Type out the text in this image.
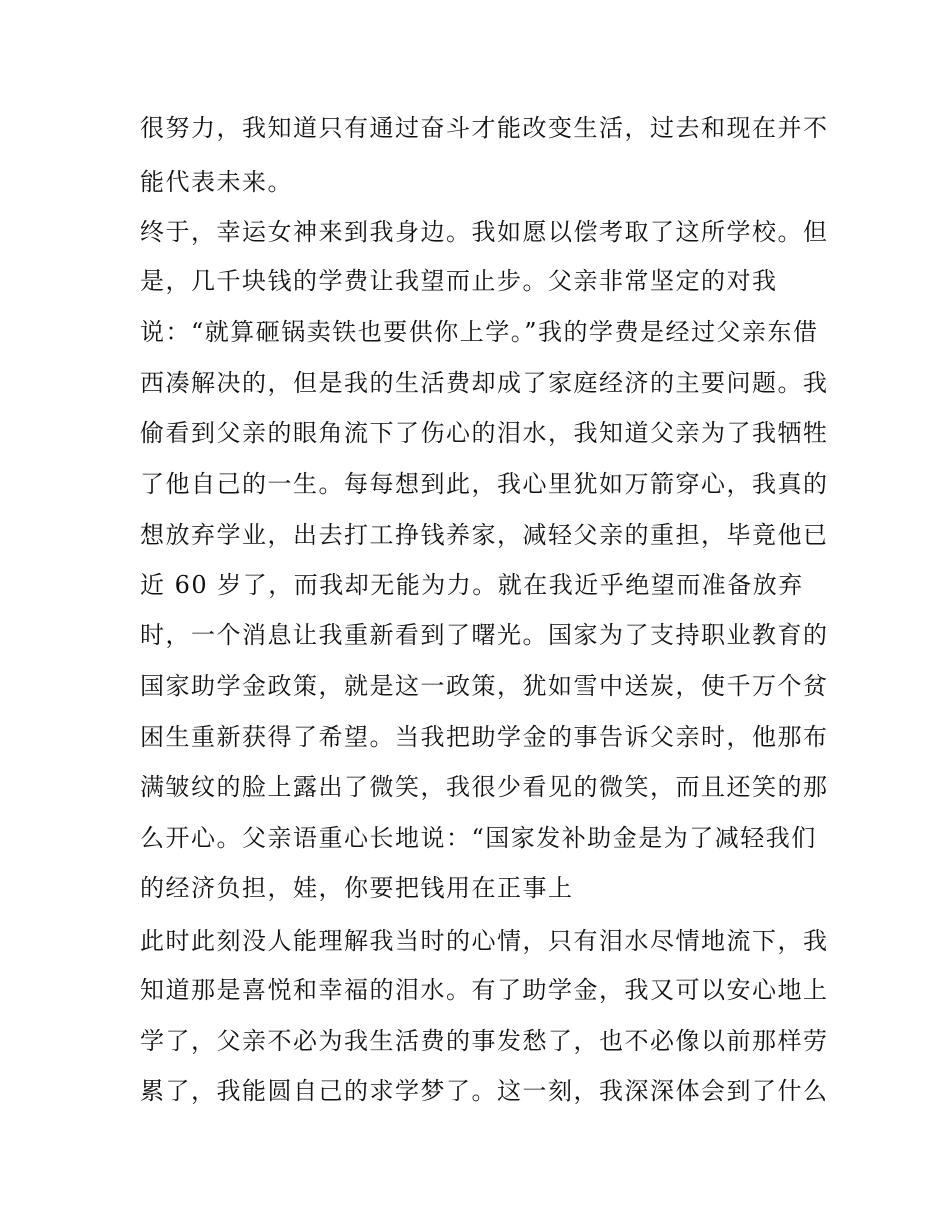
很努力，我知道只有通过奋斗才能改变生活，过去和现在并不
能代表未来。
终于，幸运女神来到我身边。我如愿以偿考取了这所学校。但
是，几千块钱的学费让我望而止步。父亲非常坚定的对我
说：“就算砸锅卖铁也要供你上学。”我的学费是经过父亲东借
西凑解决的，但是我的生活费却成了家庭经济的主要问题。我
偷看到父亲的眼角流下了伤心的泪水，我知道父亲为了我牺牲
了他自己的一生。每每想到此，我心里犹如万箭穿心，我真的
想放弃学业，出去打工挣钱养家，减轻父亲的重担，毕竟他已
近 60 岁了，而我却无能为力。就在我近乎绝望而准备放弃
时，一个消息让我重新看到了曙光。国家为了支持职业教育的
国家助学金政策，就是这一政策，犹如雪中送炭，使千万个贫
困生重新获得了希望。当我把助学金的事告诉父亲时，他那布
满皱纹的脸上露出了微笑，我很少看见的微笑，而且还笑的那
么开心。父亲语重心长地说：“国家发补助金是为了减轻我们
的经济负担，娃，你要把钱用在正事上
此时此刻没人能理解我当时的心情，只有泪水尽情地流下，我
知道那是喜悦和幸福的泪水。有了助学金，我又可以安心地上
学了，父亲不必为我生活费的事发愁了，也不必像以前那样劳
累了，我能圆自己的求学梦了。这一刻，我深深体会到了什么
